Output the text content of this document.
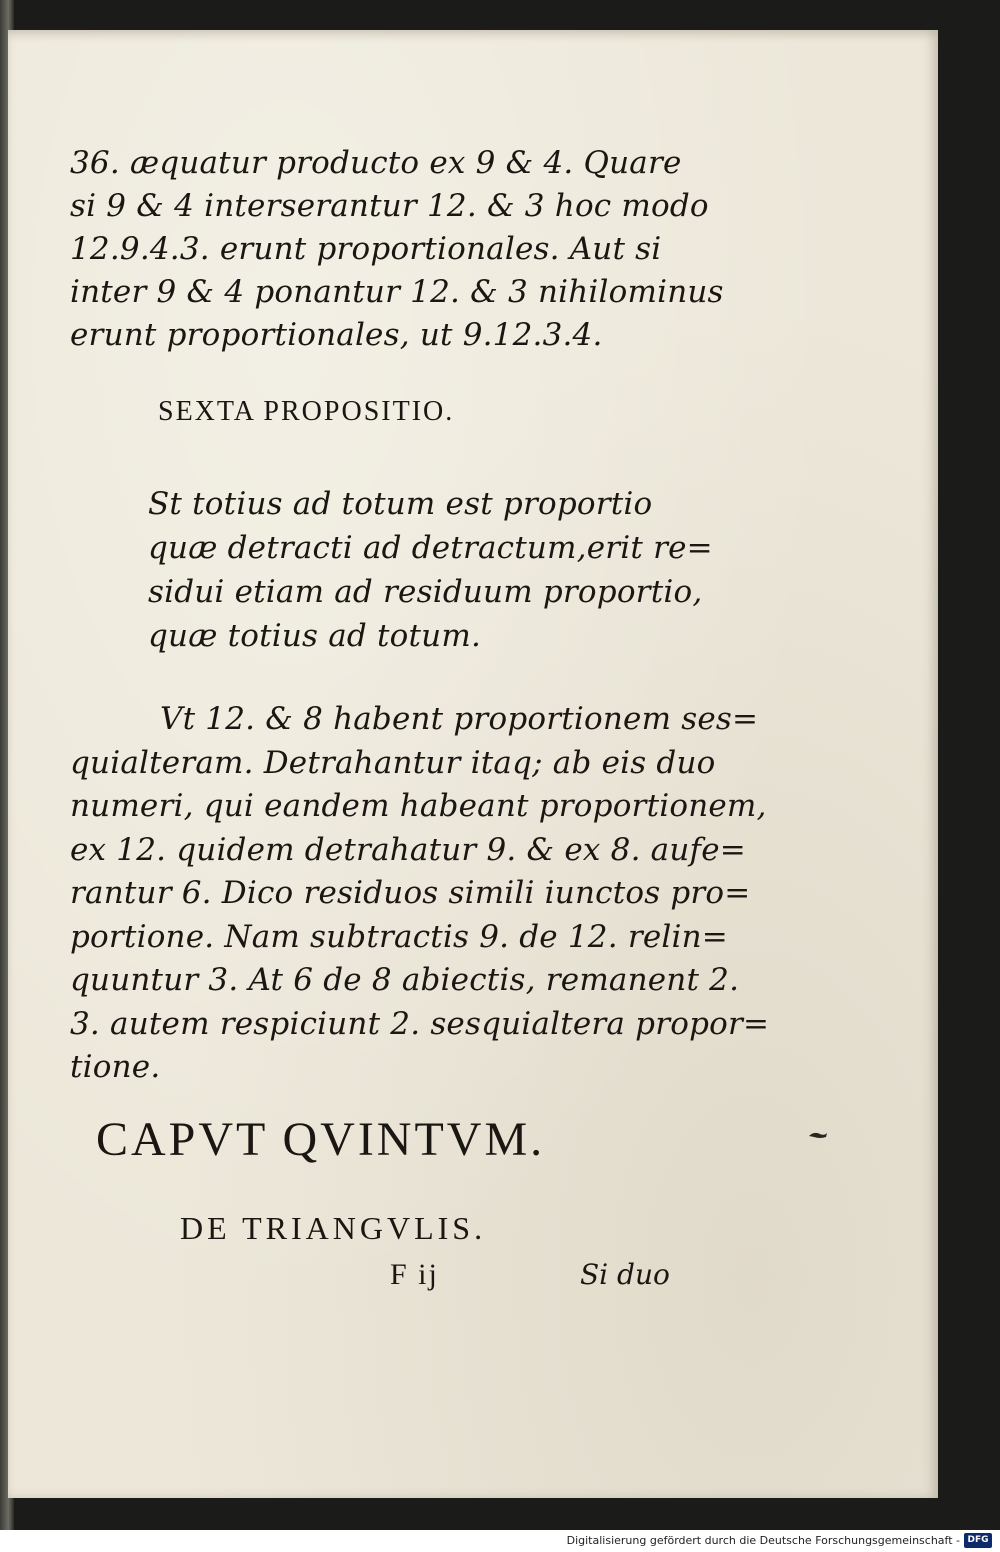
36. æquatur producto ex 9 & 4. Quare
si 9 & 4 interserantur 12. & 3 hoc modo
12.9.4.3. erunt proportionales. Aut si
inter 9 & 4 ponantur 12. & 3 nihilominus
erunt proportionales, ut 9.12.3.4.
SEXTA PROPOSITIO.
St totius ad totum est proportio
quæ detracti ad detractum,erit re=
sidui etiam ad residuum proportio,
quæ totius ad totum.
Vt 12. & 8 habent proportionem ses=
quialteram. Detrahantur itaq; ab eis duo
numeri, qui eandem habeant proportionem,
ex 12. quidem detrahatur 9. & ex 8. aufe=
rantur 6. Dico residuos simili iunctos pro=
portione. Nam subtractis 9. de 12. relin=
quuntur 3. At 6 de 8 abiectis, remanent 2.
3. autem respiciunt 2. sesquialtera propor=
tione.
CAPVT QVINTVM.
DE TRIANGVLIS.
F ij	Si duo
Digitalisierung gefördert durch die Deutsche Forschungsgemeinschaft - DFG
